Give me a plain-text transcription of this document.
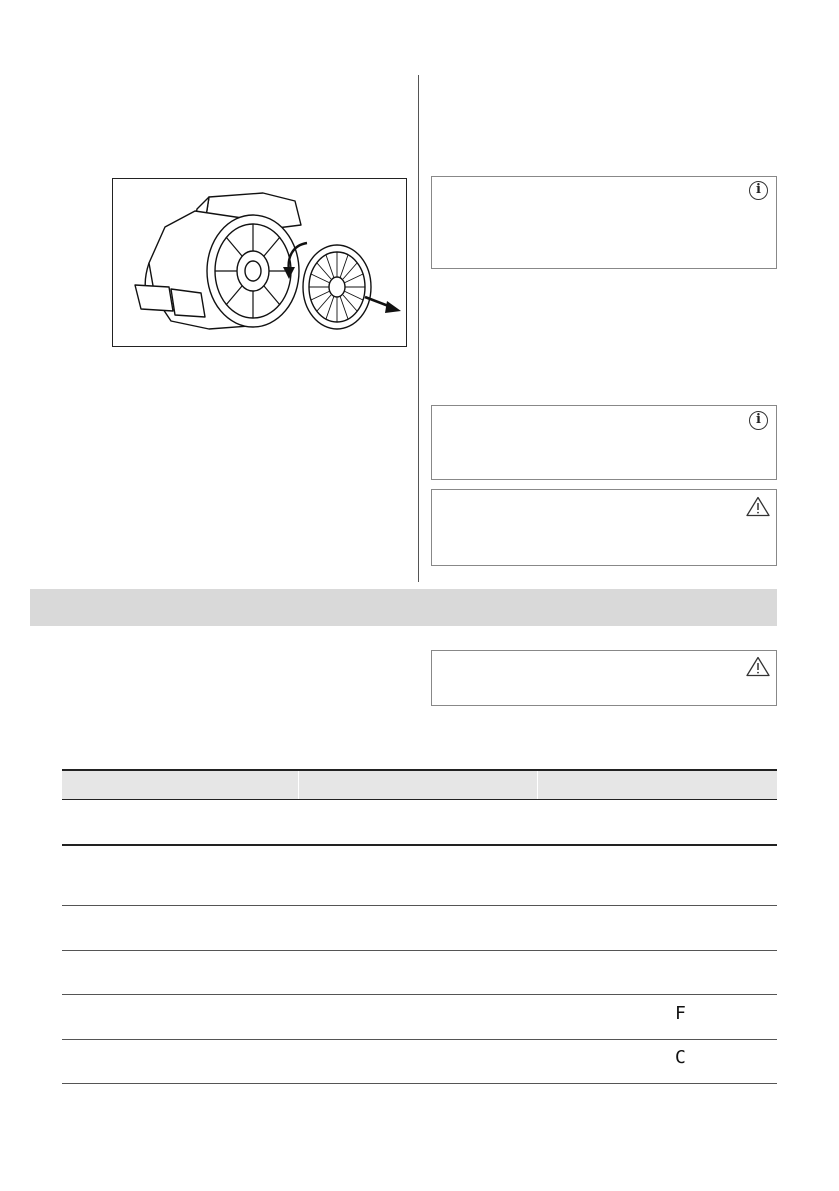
i
i
F
C
